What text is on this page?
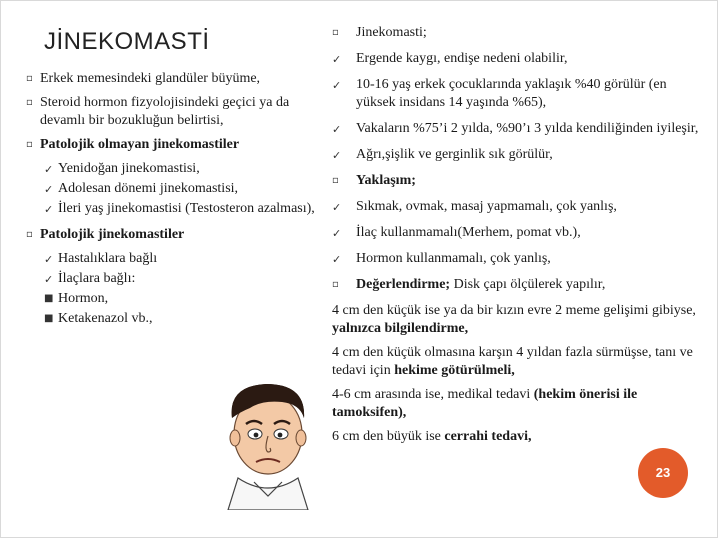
JİNEKOMASTİ
▫ Erkek memesindeki glandüler büyüme,
▫ Steroid hormon fizyolojisindeki geçici ya da devamlı bir bozukluğun belirtisi,
▫ Patolojik olmayan jinekomastiler
✓ Yenidoğan jinekomastisi,
✓ Adolesan dönemi jinekomastisi,
✓ İleri yaş jinekomastisi (Testosteron azalması),
▫ Patolojik jinekomastiler
✓ Hastalıklara bağlı
✓ İlaçlara bağlı:
■ Hormon,
■ Ketakenazol vb.,
▫	Jinekomasti;
✓	Ergende kaygı, endişe nedeni olabilir,
✓	10-16 yaş erkek çocuklarında yaklaşık %40 görülür (en yüksek insidans 14 yaşında %65),
✓	Vakaların %75’i 2 yılda, %90’ı 3 yılda kendiliğinden iyileşir,
✓	Ağrı,şişlik ve gerginlik sık görülür,
▫	Yaklaşım;
✓	Sıkmak, ovmak, masaj yapmamalı, çok yanlış,
✓	İlaç kullanmamalı(Merhem, pomat vb.),
✓	Hormon kullanmamalı, çok yanlış,
▫	Değerlendirme; Disk çapı ölçülerek yapılır,
4 cm den küçük ise ya da bir kızın evre 2 meme gelişimi gibiyse, yalnızca bilgilendirme,
4 cm den küçük olmasına karşın 4 yıldan fazla sürmüşse, tanı ve tedavi için hekime götürülmeli,
4-6 cm arasında ise, medikal tedavi (hekim önerisi ile tamoksifen),
6 cm den büyük ise cerrahi tedavi,
23
